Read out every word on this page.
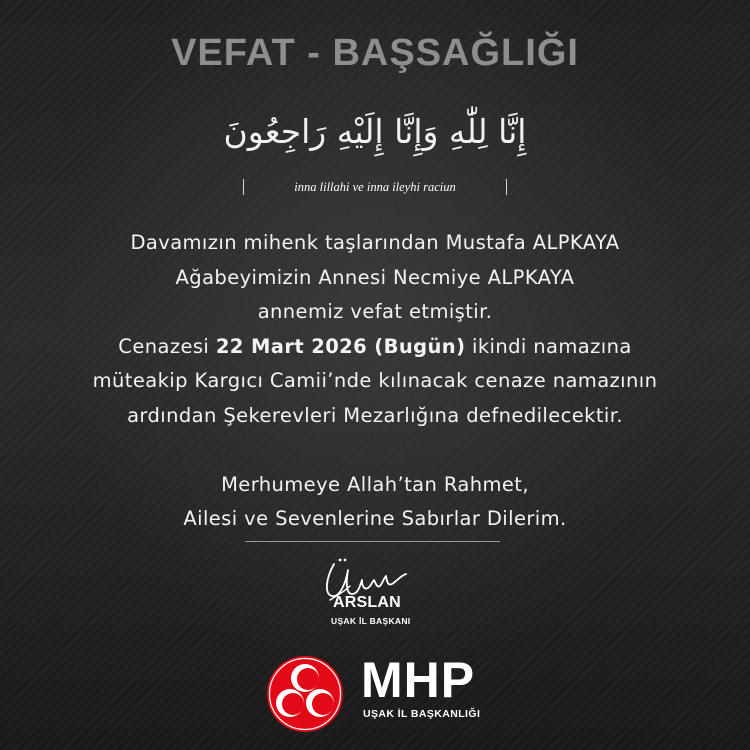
VEFAT - BAŞSAĞLIĞI
إِنَّا لِلّٰهِ وَإِنَّا إِلَيْهِ رَاجِعُونَ
inna lillahi ve inna ileyhi raciun
Davamızın mihenk taşlarından Mustafa ALPKAYA
Ağabeyimizin Annesi Necmiye ALPKAYA
annemiz vefat etmiştir.
Cenazesi 22 Mart 2026 (Bugün) ikindi namazına
müteakip Kargıcı Camii’nde kılınacak cenaze namazının
ardından Şekerevleri Mezarlığına defnedilecektir.
Merhumeye Allah’tan Rahmet,
Ailesi ve Sevenlerine Sabırlar Dilerim.
ARSLAN
UŞAK İL BAŞKANI
MHP
UŞAK İL BAŞKANLIĞI
